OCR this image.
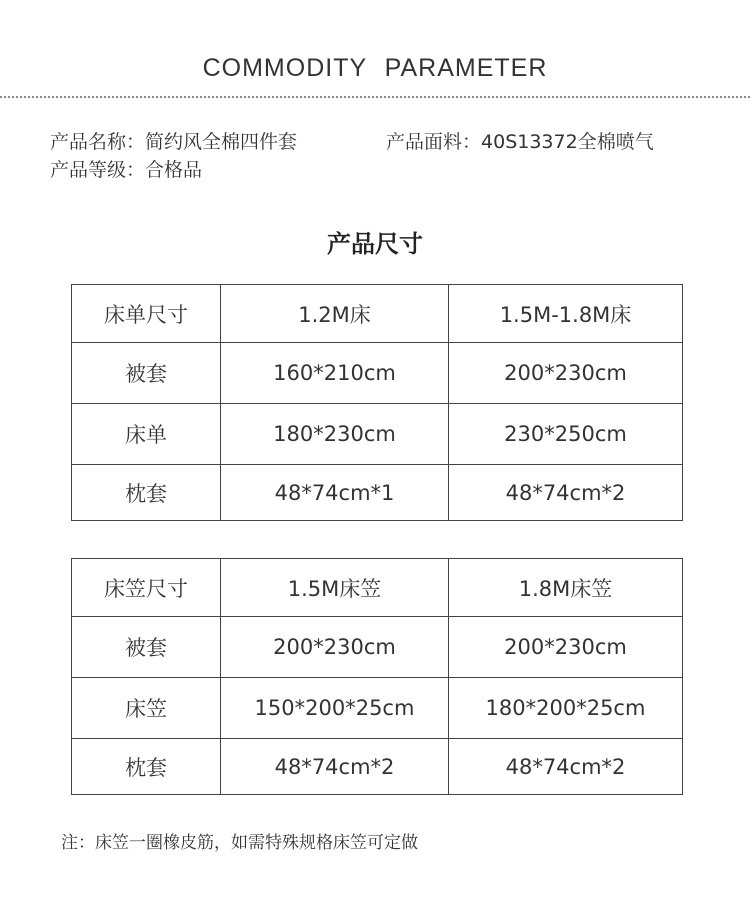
COMMODITY PARAMETER
产品名称：简约风全棉四件套	产品面料：40S13372全棉喷气
产品等级：合格品
产品尺寸
床单尺寸	1.2M床	1.5M-1.8M床
被套	160*210cm	200*230cm
床单	180*230cm	230*250cm
枕套	48*74cm*1	48*74cm*2
床笠尺寸	1.5M床笠	1.8M床笠
被套	200*230cm	200*230cm
床笠	150*200*25cm	180*200*25cm
枕套	48*74cm*2	48*74cm*2
注：床笠一圈橡皮筋，如需特殊规格床笠可定做
